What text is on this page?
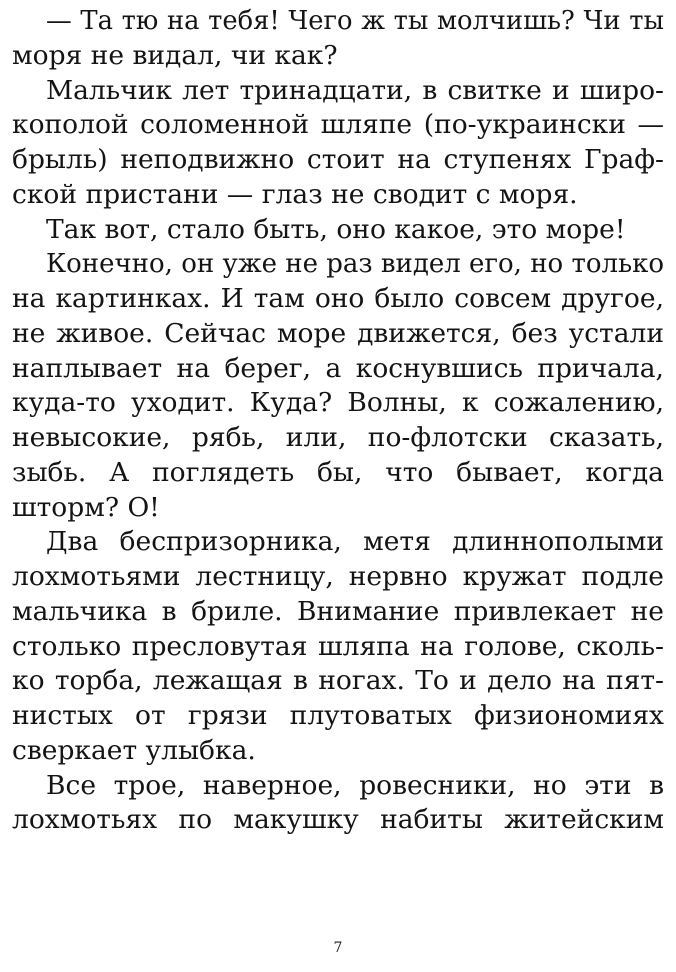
— Та тю на тебя! Чего ж ты молчишь? Чи ты
моря не видал, чи как?
Мальчик лет тринадцати, в свитке и широ-
кополой соломенной шляпе (по-украински —
брыль) неподвижно стоит на ступенях Граф-
ской пристани — глаз не сводит с моря.
Так вот, стало быть, оно какое, это море!
Конечно, он уже не раз видел его, но только
на картинках. И там оно было совсем другое,
не живое. Сейчас море движется, без устали
наплывает на берег, а коснувшись причала,
куда-то уходит. Куда? Волны, к сожалению,
невысокие, рябь, или, по-флотски сказать,
зыбь. А поглядеть бы, что бывает, когда
шторм? О!
Два беспризорника, метя длиннополыми
лохмотьями лестницу, нервно кружат подле
мальчика в бриле. Внимание привлекает не
столько пресловутая шляпа на голове, сколь-
ко торба, лежащая в ногах. То и дело на пят-
нистых от грязи плутоватых физиономиях
сверкает улыбка.
Все трое, наверное, ровесники, но эти в
лохмотьях по макушку набиты житейским
7
